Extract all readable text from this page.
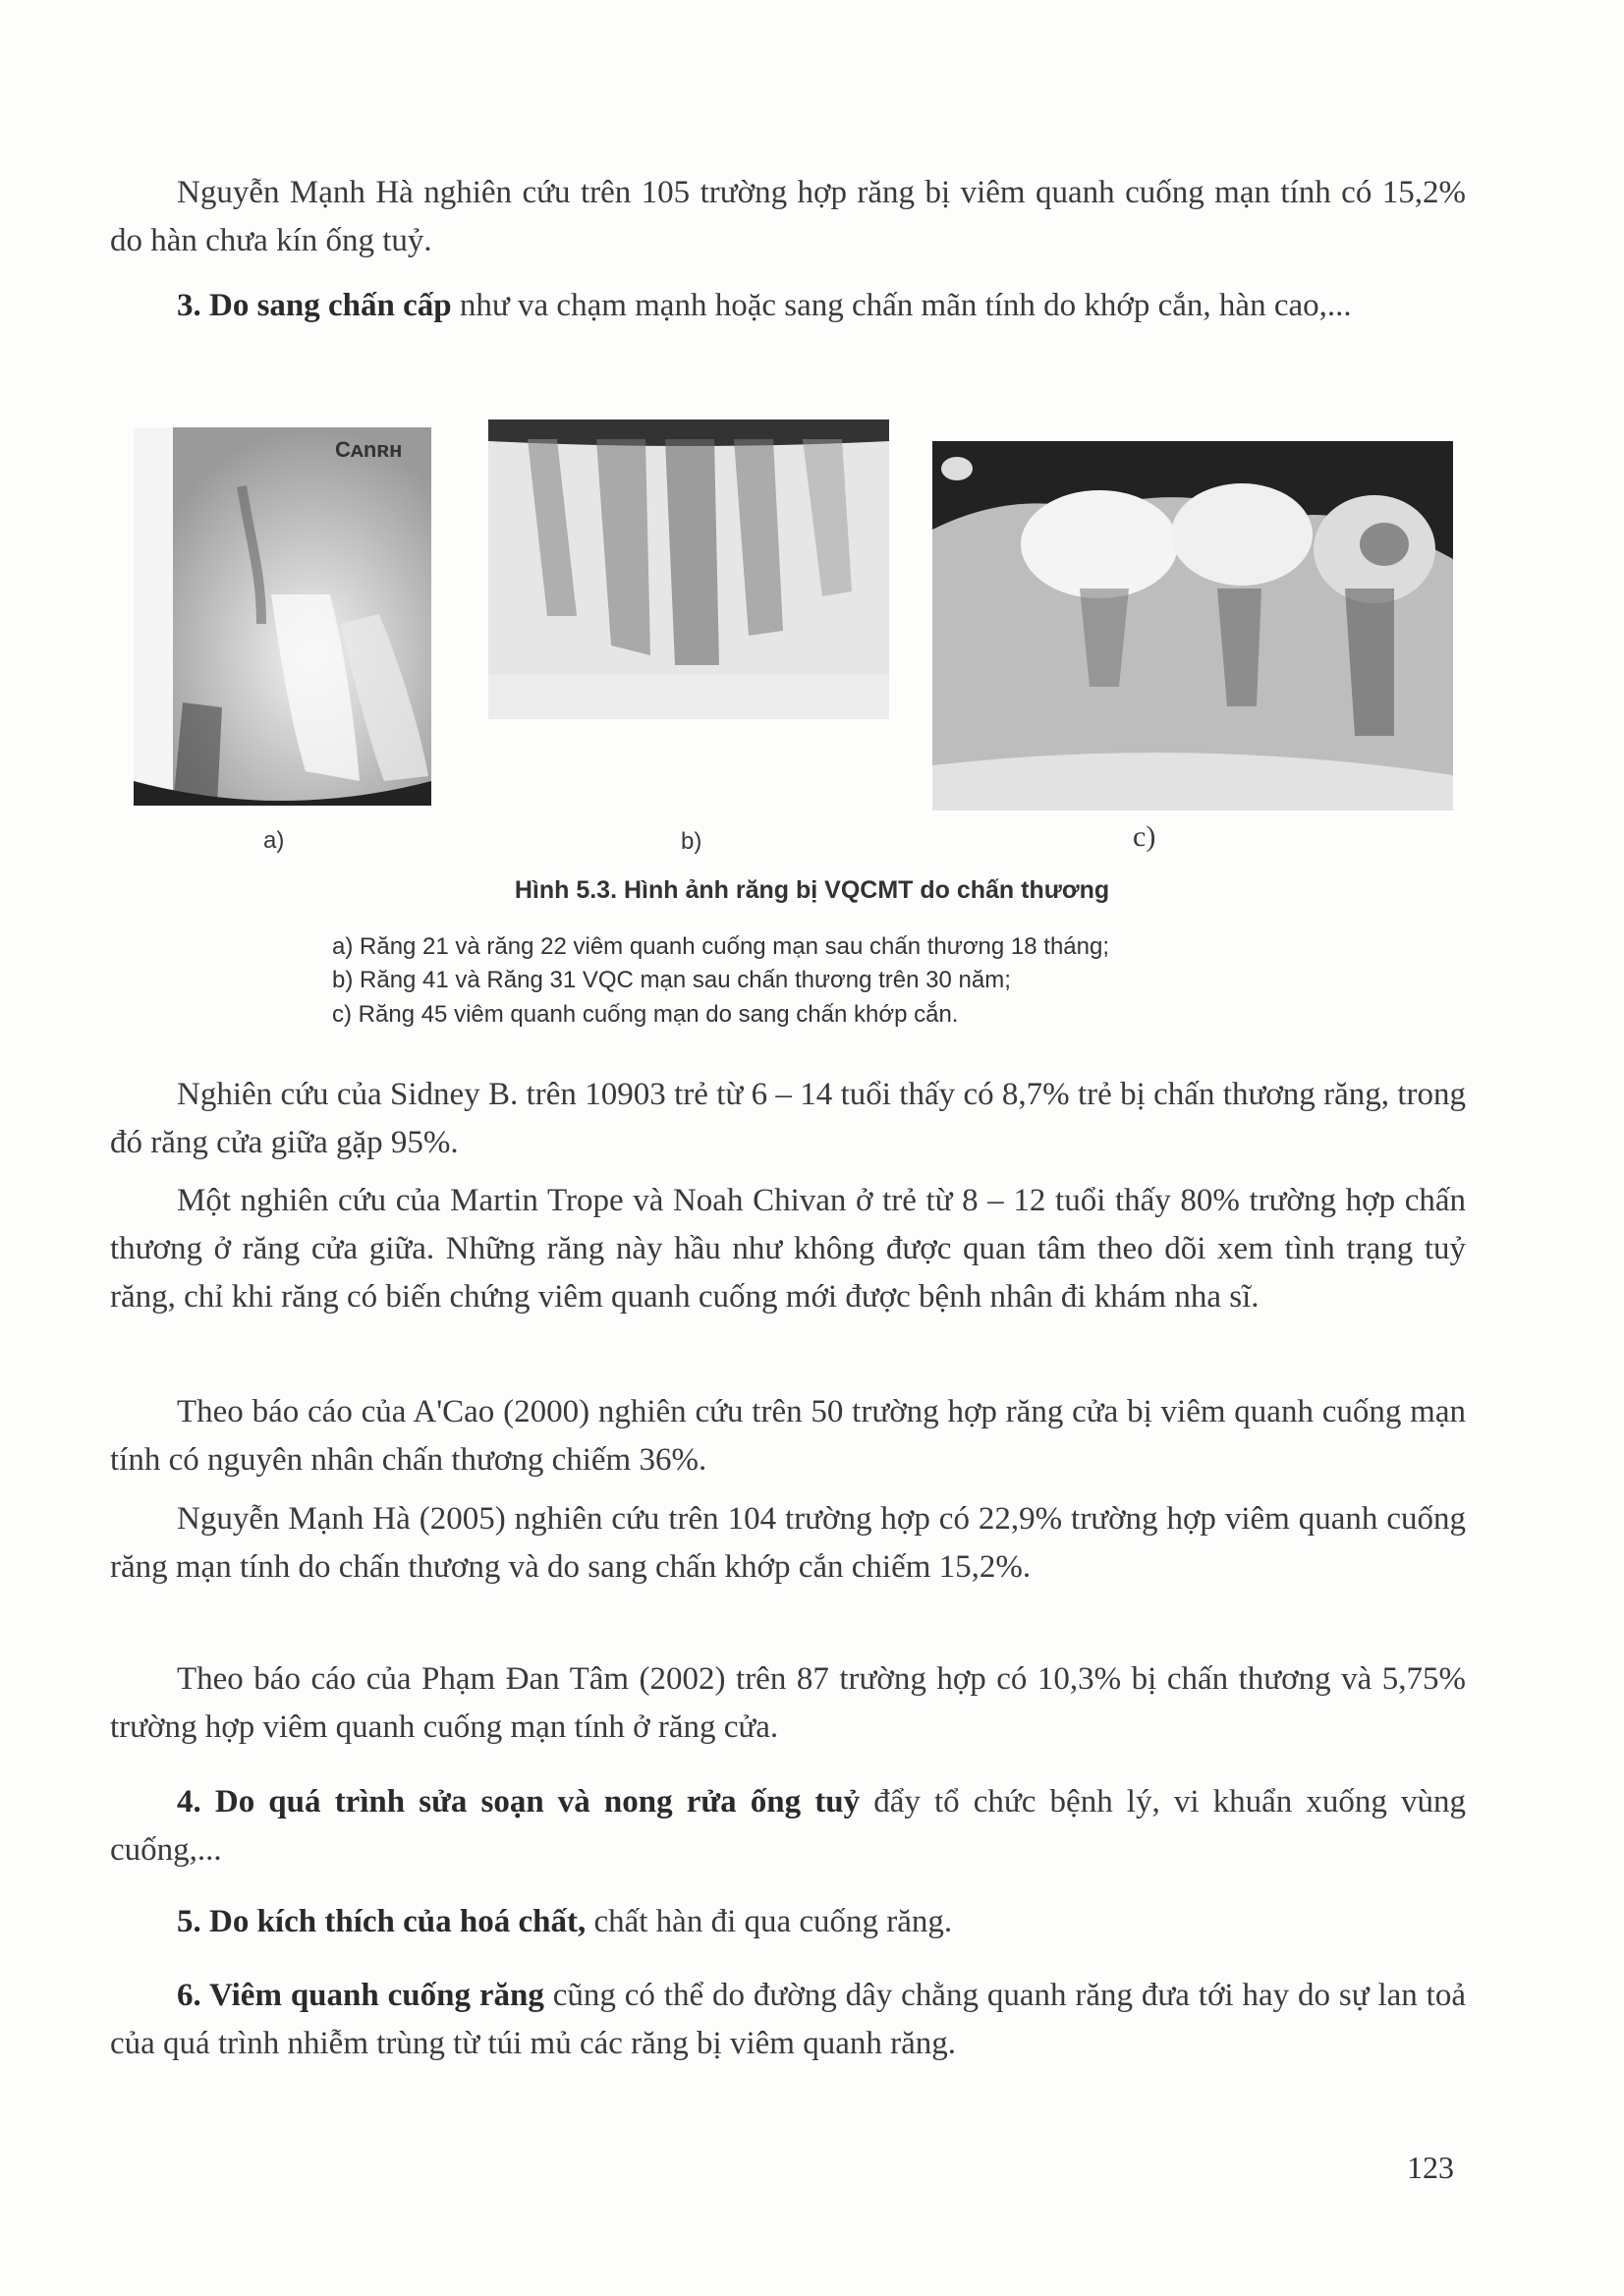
Nguyễn Mạnh Hà nghiên cứu trên 105 trường hợp răng bị viêm quanh cuống mạn tính có 15,2% do hàn chưa kín ống tuỷ.

3. Do sang chấn cấp như va chạm mạnh hoặc sang chấn mãn tính do khớp cắn, hàn cao,...

Cᴀnʀʜ
a)	b)	c)
Hình 5.3. Hình ảnh răng bị VQCMT do chấn thương
a) Răng 21 và răng 22 viêm quanh cuống mạn sau chấn thương 18 tháng;
b) Răng 41 và Răng 31 VQC mạn sau chấn thương trên 30 năm;
c) Răng 45 viêm quanh cuống mạn do sang chấn khớp cắn.

Nghiên cứu của Sidney B. trên 10903 trẻ từ 6 – 14 tuổi thấy có 8,7% trẻ bị chấn thương răng, trong đó răng cửa giữa gặp 95%.

Một nghiên cứu của Martin Trope và Noah Chivan ở trẻ từ 8 – 12 tuổi thấy 80% trường hợp chấn thương ở răng cửa giữa. Những răng này hầu như không được quan tâm theo dõi xem tình trạng tuỷ răng, chỉ khi răng có biến chứng viêm quanh cuống mới được bệnh nhân đi khám nha sĩ.

Theo báo cáo của A'Cao (2000) nghiên cứu trên 50 trường hợp răng cửa bị viêm quanh cuống mạn tính có nguyên nhân chấn thương chiếm 36%.

Nguyễn Mạnh Hà (2005) nghiên cứu trên 104 trường hợp có 22,9% trường hợp viêm quanh cuống răng mạn tính do chấn thương và do sang chấn khớp cắn chiếm 15,2%.

Theo báo cáo của Phạm Đan Tâm (2002) trên 87 trường hợp có 10,3% bị chấn thương và 5,75% trường hợp viêm quanh cuống mạn tính ở răng cửa.

4. Do quá trình sửa soạn và nong rửa ống tuỷ đẩy tổ chức bệnh lý, vi khuẩn xuống vùng cuống,...

5. Do kích thích của hoá chất, chất hàn đi qua cuống răng.

6. Viêm quanh cuống răng cũng có thể do đường dây chằng quanh răng đưa tới hay do sự lan toả của quá trình nhiễm trùng từ túi mủ các răng bị viêm quanh răng.

123
